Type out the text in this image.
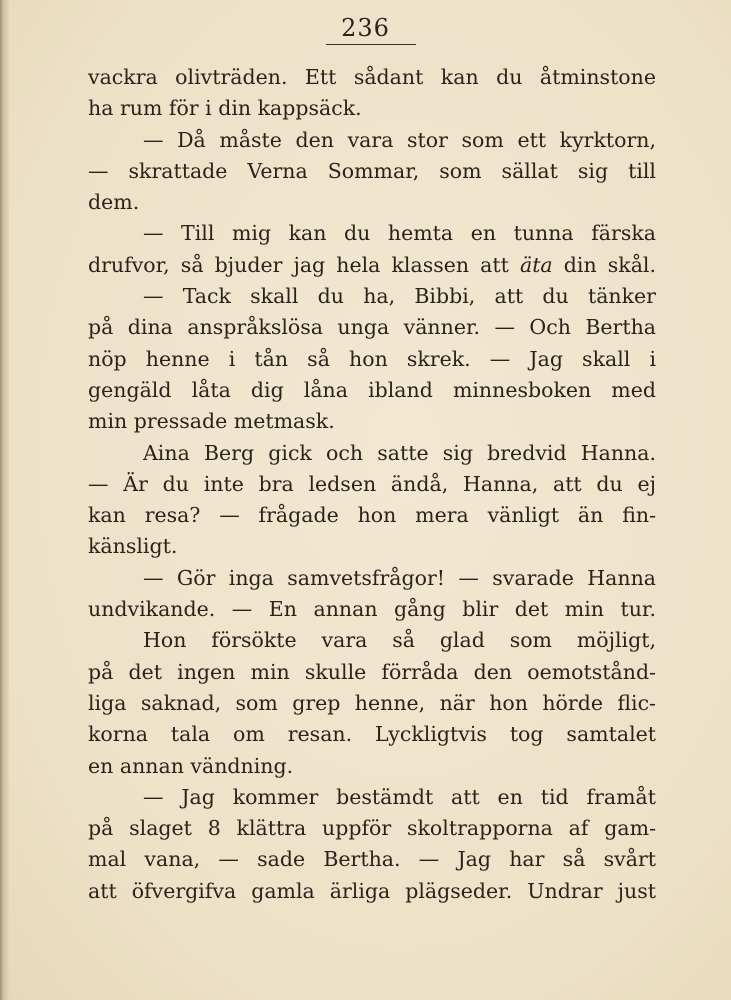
236
vackra olivträden. Ett sådant kan du åtminstone
ha rum för i din kappsäck.
— Då måste den vara stor som ett kyrktorn,
— skrattade Verna Sommar, som sällat sig till
dem.
— Till mig kan du hemta en tunna färska
drufvor, så bjuder jag hela klassen att äta din skål.
— Tack skall du ha, Bibbi, att du tänker
på dina anspråkslösa unga vänner. — Och Bertha
nöp henne i tån så hon skrek. — Jag skall i
gengäld låta dig låna ibland minnesboken med
min pressade metmask.
Aina Berg gick och satte sig bredvid Hanna.
— Är du inte bra ledsen ändå, Hanna, att du ej
kan resa? — frågade hon mera vänligt än fin-
känsligt.
— Gör inga samvetsfrågor! — svarade Hanna
undvikande. — En annan gång blir det min tur.
Hon försökte vara så glad som möjligt,
på det ingen min skulle förråda den oemotstånd-
liga saknad, som grep henne, när hon hörde flic-
korna tala om resan. Lyckligtvis tog samtalet
en annan vändning.
— Jag kommer bestämdt att en tid framåt
på slaget 8 klättra uppför skoltrapporna af gam-
mal vana, — sade Bertha. — Jag har så svårt
att öfvergifva gamla ärliga plägseder. Undrar just
